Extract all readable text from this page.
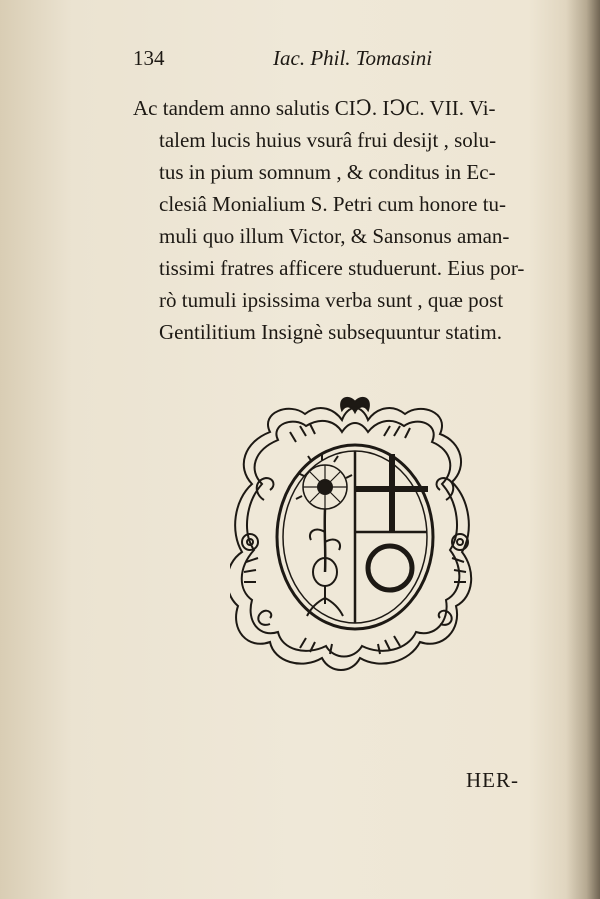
134	Iac. Phil. Tomasini
Ac tandem anno salutis CIↃ. IↃC. VII. Vi-
talem lucis huius vsurâ frui desijt , solu-
tus in pium somnum , & conditus in Ec-
clesiâ Monialium S. Petri cum honore tu-
muli quo illum Victor, & Sansonus aman-
tissimi fratres afficere studuerunt. Eius por-
rò tumuli ipsissima verba sunt , quæ post
Gentilitium Insignè subsequuntur statim.
HER-
